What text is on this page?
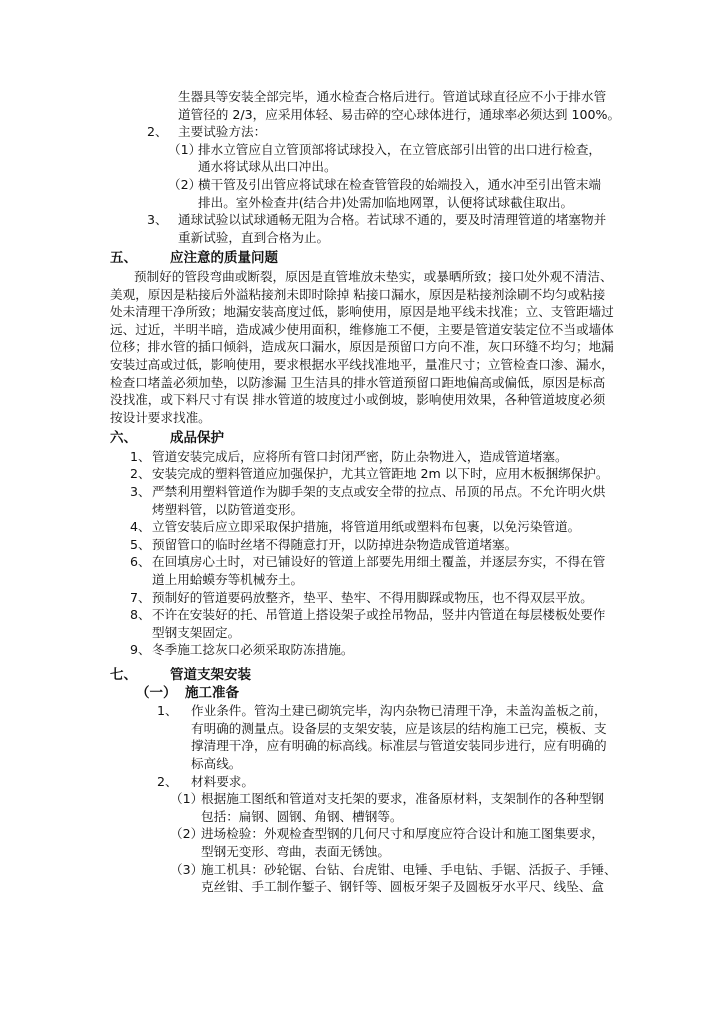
生器具等安装全部完毕，通水检查合格后进行。管道试球直径应不小于排水管
道管径的 2/3，应采用体轻、易击碎的空心球体进行，通球率必须达到 100%。
2、 主要试验方法：
（1）
排水立管应自立管顶部将试球投入，在立管底部引出管的出口进行检查，
通水将试球从出口冲出。
（2）
横干管及引出管应将试球在检查管管段的始端投入，通水冲至引出管末端
排出。室外检查井(结合井)处需加临地网罩，认便将试球截住取出。
3、 通球试验以试球通畅无阻为合格。若试球不通的，要及时清理管道的堵塞物并
重新试验，直到合格为止。
五、 应注意的质量问题
预制好的管段弯曲或断裂，原因是直管堆放未垫实，或暴晒所致；接口处外观不清洁、
美观，原因是粘接后外溢粘接剂未即时除掉 粘接口漏水，原因是粘接剂涂刷不均匀或粘接
处未清理干净所致；地漏安装高度过低，影响使用，原因是地平线未找准；立、支管距墙过
远、过近，半明半暗，造成减少使用面积，维修施工不便，主要是管道安装定位不当或墙体
位移；排水管的插口倾斜，造成灰口漏水，原因是预留口方向不准，灰口环缝不均匀；地漏
安装过高或过低，影响使用，要求根据水平线找准地平，量准尺寸；立管检查口渗、漏水，
检查口堵盖必须加垫，以防渗漏 卫生洁具的排水管道预留口距地偏高或偏低，原因是标高
没找准，或下料尺寸有误 排水管道的坡度过小或倒坡，影响使用效果，各种管道坡度必须
按设计要求找准。
六、 成品保护
1、 管道安装完成后，应将所有管口封闭严密，防止杂物进入，造成管道堵塞。
2、 安装完成的塑料管道应加强保护，尤其立管距地 2m 以下时，应用木板捆绑保护。
3、 严禁利用塑料管道作为脚手架的支点或安全带的拉点、吊顶的吊点。不允许明火烘
烤塑料管，以防管道变形。
4、 立管安装后应立即采取保护措施，将管道用纸或塑料布包裹，以免污染管道。
5、 预留管口的临时丝堵不得随意打开，以防掉进杂物造成管道堵塞。
6、 在回填房心土时，对已铺设好的管道上部要先用细土覆盖，并逐层夯实，不得在管
道上用蛤蟆夯等机械夯土。
7、 预制好的管道要码放整齐，垫平、垫牢、不得用脚踩或物压，也不得双层平放。
8、 不许在安装好的托、吊管道上搭设架子或拴吊物品，竖井内管道在每层楼板处要作
型钢支架固定。
9、 冬季施工捻灰口必须采取防冻措施。
七、 管道支架安装
（一） 施工准备
1、 作业条件。管沟土建已砌筑完毕，沟内杂物已清理干净，未盖沟盖板之前，
有明确的测量点。设备层的支架安装，应是该层的结构施工已完，模板、支
撑清理干净，应有明确的标高线。标准层与管道安装同步进行，应有明确的
标高线。
2、 材料要求。
（1）
根据施工图纸和管道对支托架的要求，准备原材料，支架制作的各种型钢
包括：扁钢、圆钢、角钢、槽钢等。
（2）
进场检验：外观检查型钢的几何尺寸和厚度应符合设计和施工图集要求，
型钢无变形、弯曲，表面无锈蚀。
（3）
施工机具：砂轮锯、台钻、台虎钳、电锤、手电钻、手锯、活扳子、手锤、
克丝钳、手工制作錾子、钢钎等、圆板牙架子及圆板牙水平尺、线坠、盒
